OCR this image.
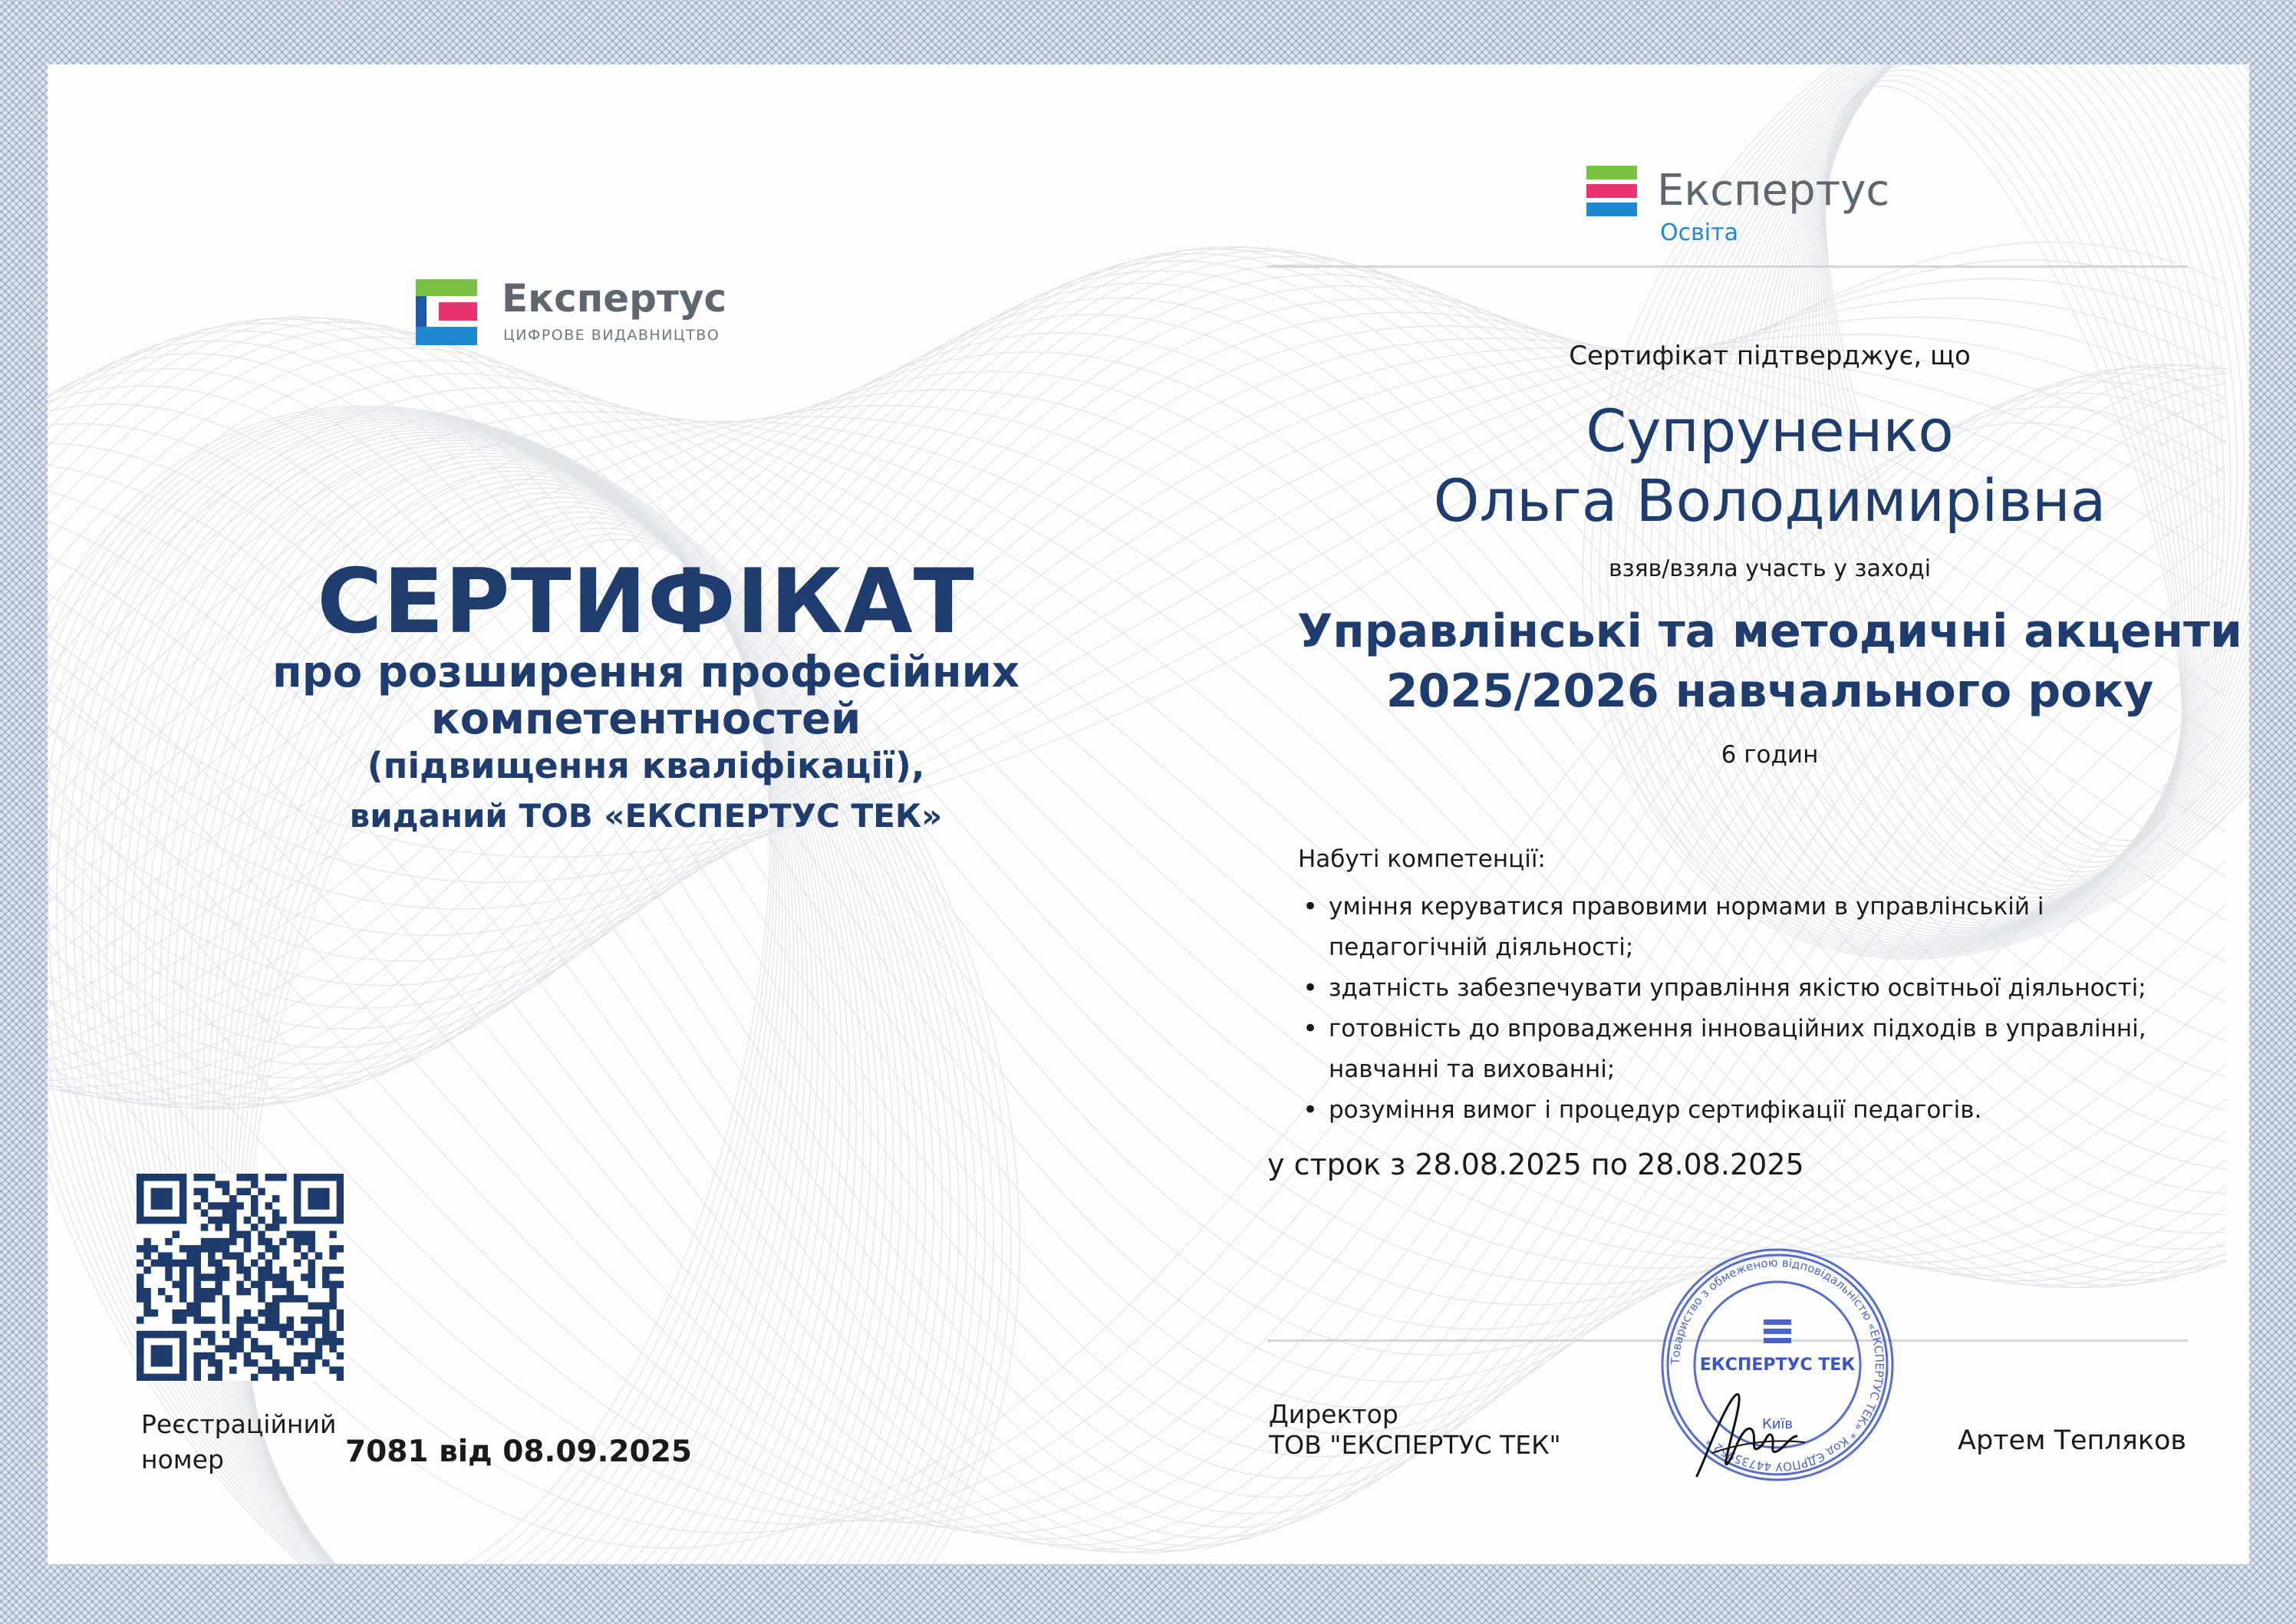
Експертус
ЦИФРОВЕ ВИДАВНИЦТВО
СЕРТИФІКАТ
про розширення професійних
компетентностей
(підвищення кваліфікації),
виданий ТОВ «ЕКСПЕРТУС ТЕК»
Реєстраційний
номер	7081 від 08.09.2025
Експертус
Освіта
Сертифікат підтверджує, що
Супруненко
Ольга Володимирівна
взяв/взяла участь у заході
Управлінські та методичні акценти
2025/2026 навчального року
6 годин
Набуті компетенції:
• уміння керуватися правовими нормами в управлінській і педагогічній діяльності;
• здатність забезпечувати управління якістю освітньої діяльності;
• готовність до впровадження інноваційних підходів в управлінні, навчанні та вихованні;
• розуміння вимог і процедур сертифікації педагогів.
у строк з 28.08.2025 по 28.08.2025
Директор
ТОВ "ЕКСПЕРТУС ТЕК"
Товариство з обмеженою відповідальністю «ЕКСПЕРТУС ТЕК» * Код ЄДРПОУ 44735952 *
ЕКСПЕРТУС ТЕК
Київ
Артем Тепляков
